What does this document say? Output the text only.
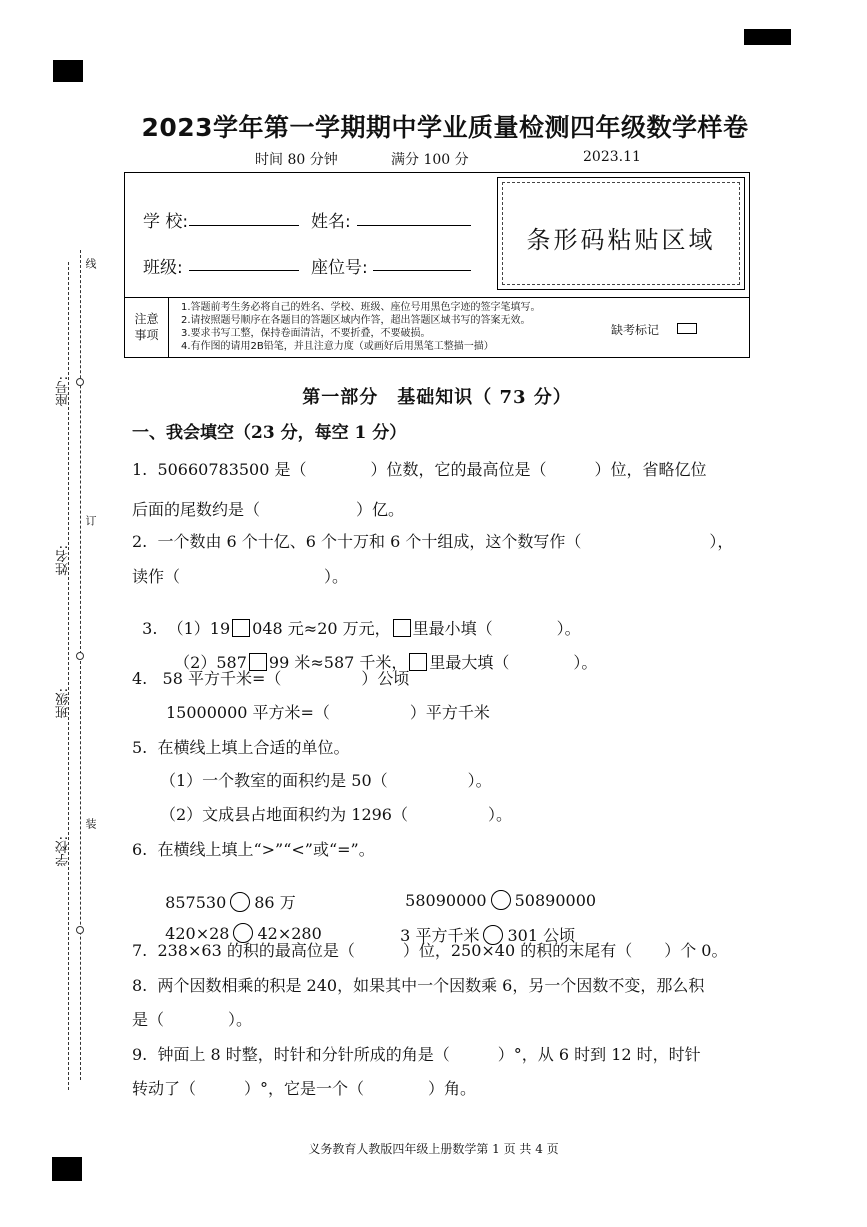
线
座号:
订
姓名:
班级:
装
学校:
2023学年第一学期期中学业质量检测四年级数学样卷
时间 80 分钟	满分 100 分	2023.11
学 校:	姓名:
班级:	座位号:
条形码粘贴区域
注意
事项
1.答题前考生务必将自己的姓名、学校、班级、座位号用黑色字迹的签字笔填写。
2.请按照题号顺序在各题目的答题区域内作答，超出答题区域书写的答案无效。
3.要求书写工整，保持卷面清洁，不要折叠，不要破损。
4.有作图的请用2B铅笔，并且注意力度（或画好后用黑笔工整描一描）
缺考标记
第一部分　基础知识（ 73 分）
一、我会填空（23 分，每空 1 分）
1.  50660783500 是（　　　　）位数，它的最高位是（　　　）位，省略亿位
后面的尾数约是（　　　　　　）亿。
2.  一个数由 6 个十亿、6 个十万和 6 个十组成，这个数写作（　　　　　　　　），
读作（　　　　　　　　　）。

3.  （1）19 048 元≈20 万元， 里最小填（　　　　）。

（2）587 99 米≈587 千米， 里最大填（　　　　）。

4.   58 平方千米=（　　　　　）公顷
15000000 平方米=（　　　　　）平方千米
5.  在横线上填上合适的单位。
（1）一个教室的面积约是 50（　　　　　）。
（2）文成县占地面积约为 1296（　　　　　）。
6.  在横线上填上“>”“<”或“=”。

857530 86 万	58090000 50890000

420×28 42×280	3 平方千米 301 公顷

7.  238×63 的积的最高位是（　　　）位，250×40 的积的末尾有（　　）个 0。
8.  两个因数相乘的积是 240，如果其中一个因数乘 6，另一个因数不变，那么积
是（　　　　）。
9.  钟面上 8 时整，时针和分针所成的角是（　　　）°，从 6 时到 12 时，时针
转动了（　　　）°，它是一个（　　　　）角。
义务教育人教版四年级上册数学第 1 页 共 4 页
